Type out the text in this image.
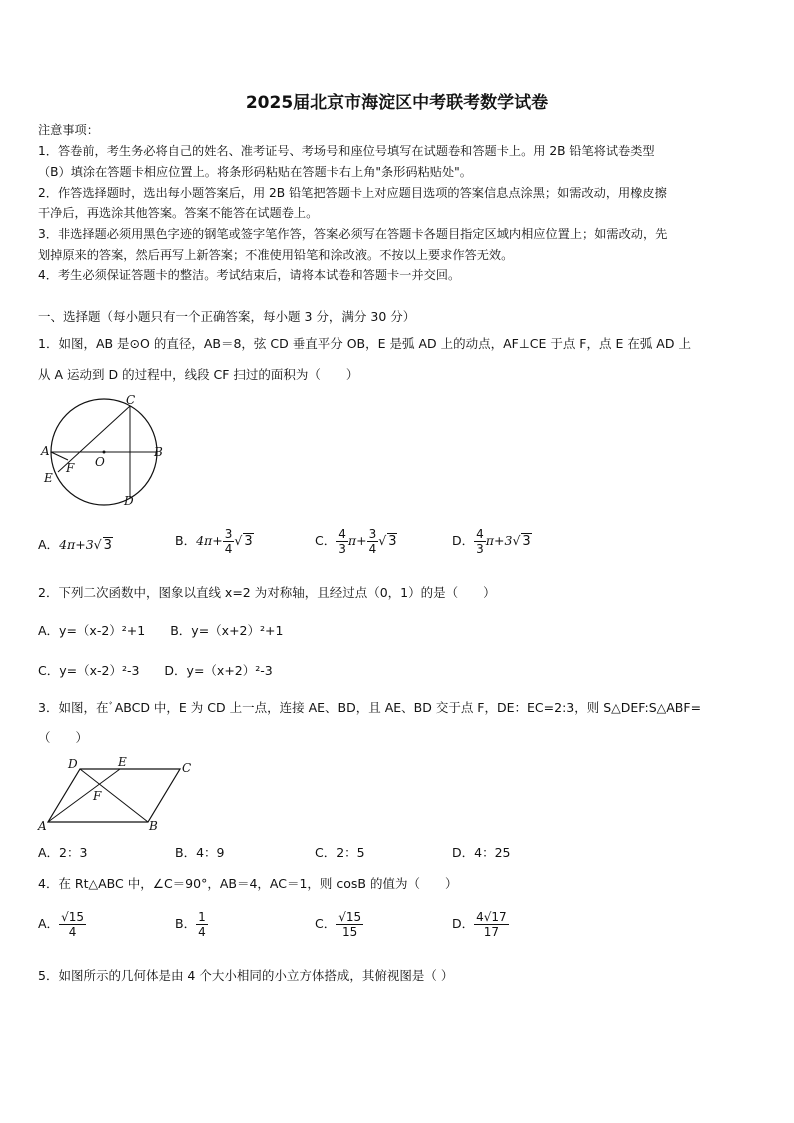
2025届北京市海淀区中考联考数学试卷
注意事项：
1．答卷前，考生务必将自己的姓名、准考证号、考场号和座位号填写在试题卷和答题卡上。用 2B 铅笔将试卷类型
（B）填涂在答题卡相应位置上。将条形码粘贴在答题卡右上角"条形码粘贴处"。
2．作答选择题时，选出每小题答案后，用 2B 铅笔把答题卡上对应题目选项的答案信息点涂黑；如需改动，用橡皮擦
干净后，再选涂其他答案。答案不能答在试题卷上。
3．非选择题必须用黑色字迹的钢笔或签字笔作答，答案必须写在答题卡各题目指定区域内相应位置上；如需改动，先
划掉原来的答案，然后再写上新答案；不准使用铅笔和涂改液。不按以上要求作答无效。
4．考生必须保证答题卡的整洁。考试结束后，请将本试卷和答题卡一并交回。
一、选择题（每小题只有一个正确答案，每小题 3 分，满分 30 分）
1．如图，AB 是⊙O 的直径，AB＝8，弦 CD 垂直平分 OB，E 是弧 AD 上的动点，AF⊥CE 于点 F，点 E 在弧 AD 上
从 A 运动到 D 的过程中，线段 CF 扫过的面积为（　　）
C
A	B
O
F
E
D
A．4π+3√ 3	B．$4\pi+ \frac{3}{4}$ √ 3	C． $\frac{4}{3} \pi+ \frac{3}{4}$ √ 3	D． $\frac{4}{3} \pi+3√$ 3
2．下列二次函数中，图象以直线 x=2 为对称轴，且经过点（0，1）的是（　　）
A．y=（x-2）²+1　　B．y=（x+2）²+1
C．y=（x-2）²-3　　D．y=（x+2）²-3
3．如图，在ﾞABCD 中，E 为 CD 上一点，连接 AE、BD，且 AE、BD 交于点 F，DE：EC=2:3，则 S△DEF:S△ABF=
（　　）
D	E	C
F
A	B
A．2：3	B．4：9	C．2：5	D．4：25
4．在 Rt△ABC 中，∠C＝90°，AB＝4，AC＝1，则 cosB 的值为（　　）
A． $\frac{√15}{4}$	B． $\frac{1}{4}$	C． $\frac{√15}{15}$	D． $\frac{4√17}{17}$
5．如图所示的几何体是由 4 个大小相同的小立方体搭成，其俯视图是（ ）
